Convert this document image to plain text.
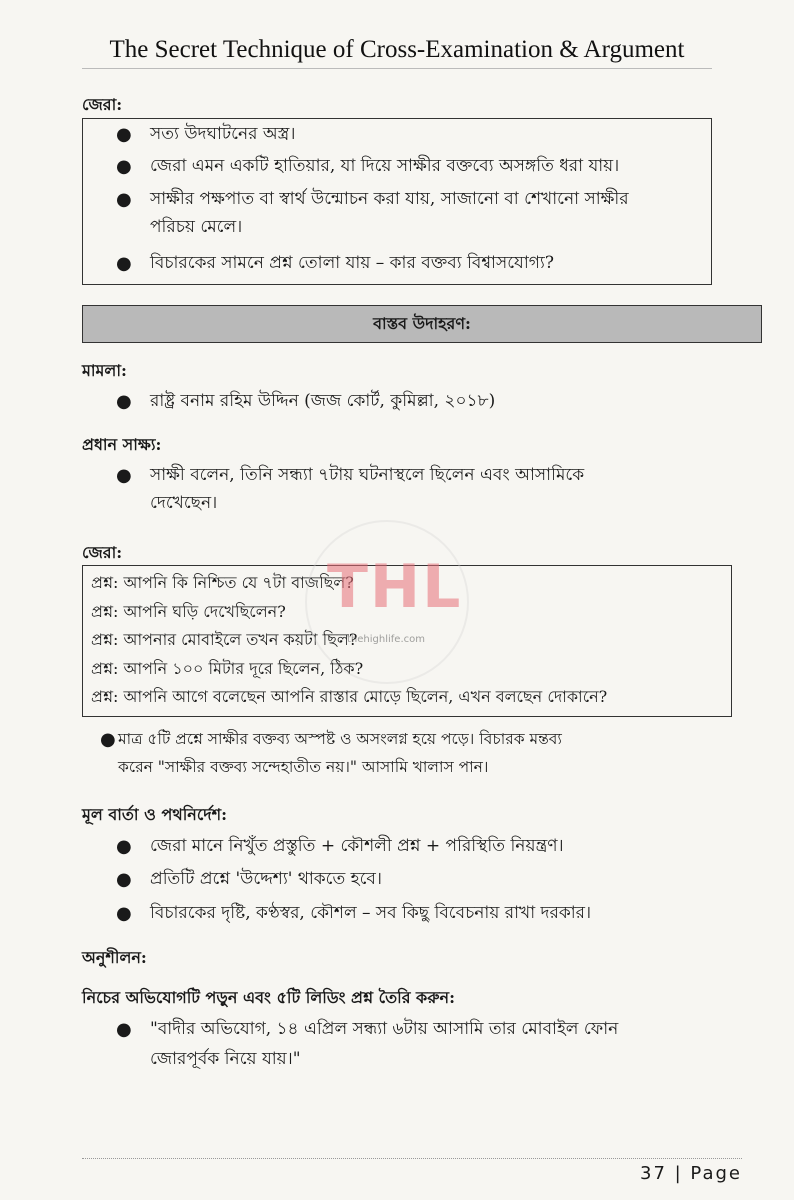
The Secret Technique of Cross-Examination & Argument
জেরা:
● সত্য উদঘাটনের অস্ত্র।
● জেরা এমন একটি হাতিয়ার, যা দিয়ে সাক্ষীর বক্তব্যে অসঙ্গতি ধরা যায়।
● সাক্ষীর পক্ষপাত বা স্বার্থ উন্মোচন করা যায়, সাজানো বা শেখানো সাক্ষীর
পরিচয় মেলে।
● বিচারকের সামনে প্রশ্ন তোলা যায় – কার বক্তব্য বিশ্বাসযোগ্য?
বাস্তব উদাহরণ:
মামলা:
● রাষ্ট্র বনাম রহিম উদ্দিন (জজ কোর্ট, কুমিল্লা, ২০১৮)
প্রধান সাক্ষ্য:
● সাক্ষী বলেন, তিনি সন্ধ্যা ৭টায় ঘটনাস্থলে ছিলেন এবং আসামিকে
দেখেছেন।
জেরা:
প্রশ্ন: আপনি কি নিশ্চিত যে ৭টা বাজছিল?
প্রশ্ন: আপনি ঘড়ি দেখেছিলেন?
প্রশ্ন: আপনার মোবাইলে তখন কয়টা ছিল?
প্রশ্ন: আপনি ১০০ মিটার দূরে ছিলেন, ঠিক?
প্রশ্ন: আপনি আগে বলেছেন আপনি রাস্তার মোড়ে ছিলেন, এখন বলছেন দোকানে?
● মাত্র ৫টি প্রশ্নে সাক্ষীর বক্তব্য অস্পষ্ট ও অসংলগ্ন হয়ে পড়ে। বিচারক মন্তব্য
করেন "সাক্ষীর বক্তব্য সন্দেহাতীত নয়।" আসামি খালাস পান।
মূল বার্তা ও পথনির্দেশ:
● জেরা মানে নিখুঁত প্রস্তুতি + কৌশলী প্রশ্ন + পরিস্থিতি নিয়ন্ত্রণ।
● প্রতিটি প্রশ্নে 'উদ্দেশ্য' থাকতে হবে।
● বিচারকের দৃষ্টি, কণ্ঠস্বর, কৌশল – সব কিছু বিবেচনায় রাখা দরকার।
অনুশীলন:
নিচের অভিযোগটি পড়ুন এবং ৫টি লিডিং প্রশ্ন তৈরি করুন:
● "বাদীর অভিযোগ, ১৪ এপ্রিল সন্ধ্যা ৬টায় আসামি তার মোবাইল ফোন
জোরপূর্বক নিয়ে যায়।"
THL
thehighlife.com
37 | Page
